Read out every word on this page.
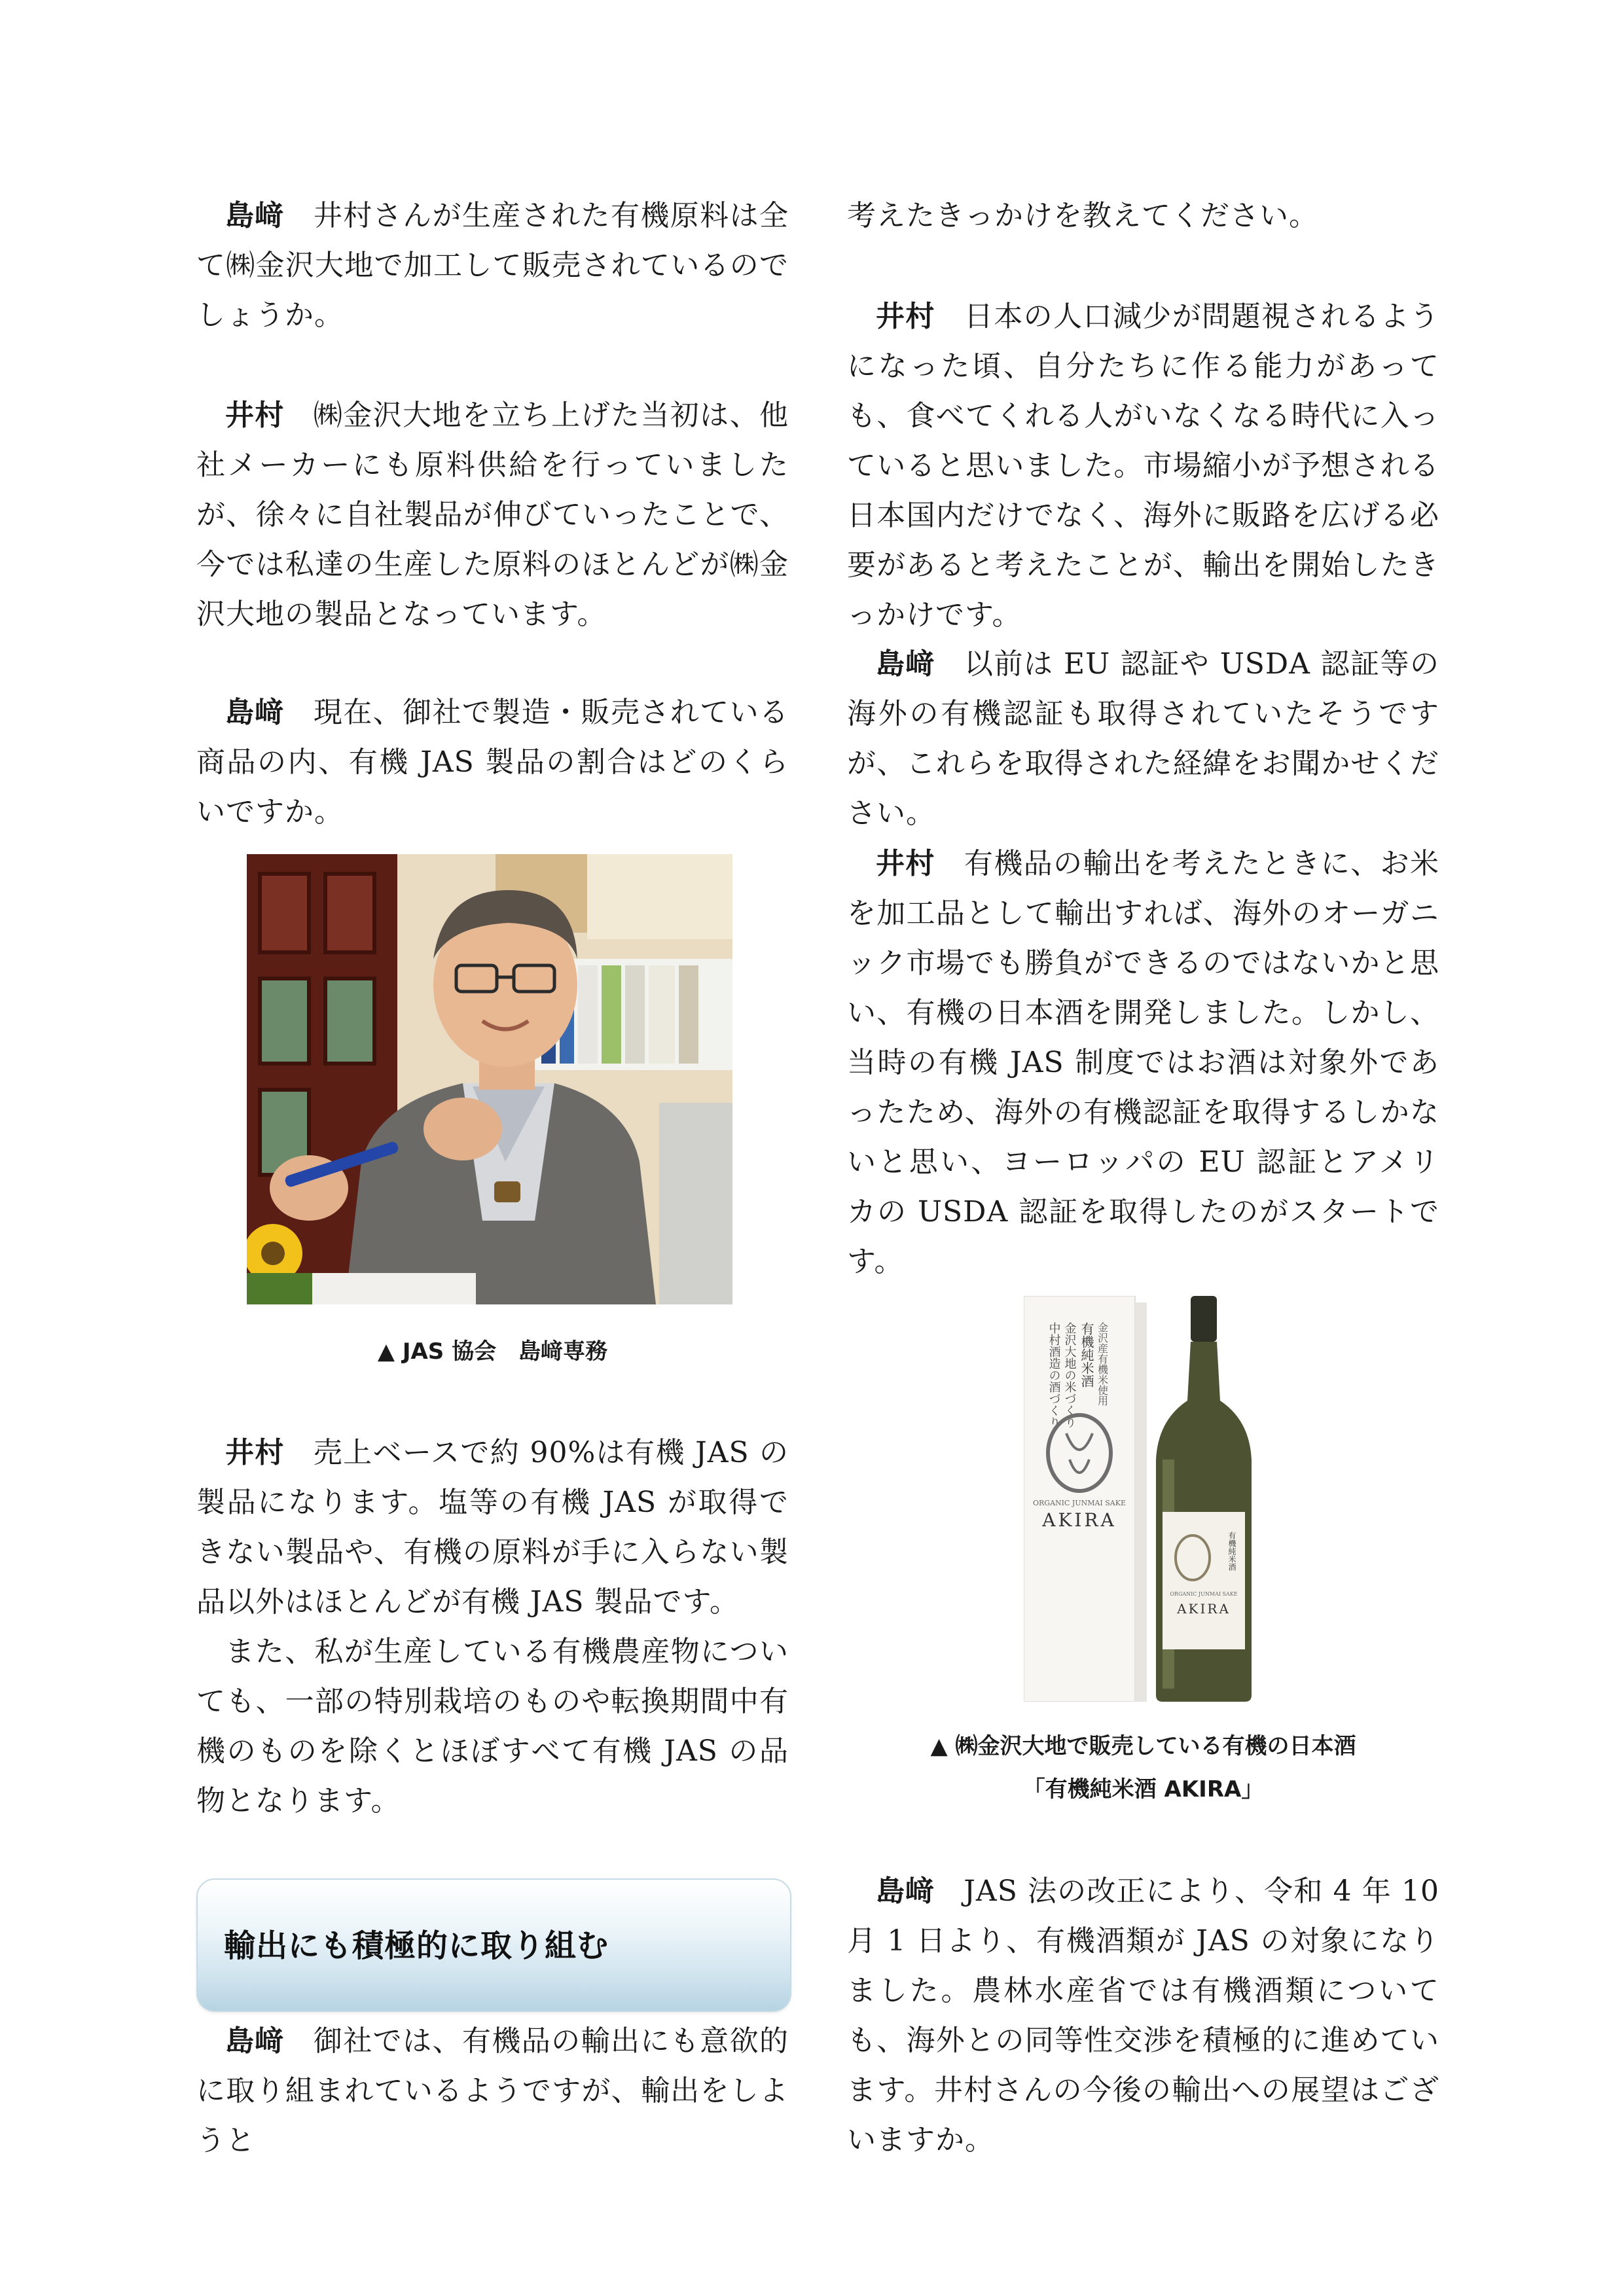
島﨑 井村さんが生産された有機原料は全て㈱金沢大地で加工して販売されているのでしょうか。

井村 ㈱金沢大地を立ち上げた当初は、他社メーカーにも原料供給を行っていましたが、徐々に自社製品が伸びていったことで、今では私達の生産した原料のほとんどが㈱金沢大地の製品となっています。

島﨑 現在、御社で製造・販売されている商品の内、有機 JAS 製品の割合はどのくらいですか。

▲ JAS 協会　島﨑専務

井村 売上ベースで約 90%は有機 JAS の製品になります。塩等の有機 JAS が取得できない製品や、有機の原料が手に入らない製品以外はほとんどが有機 JAS 製品です。

また、私が生産している有機農産物についても、一部の特別栽培のものや転換期間中有機のものを除くとほぼすべて有機 JAS の品物となります。

輸出にも積極的に取り組む

島﨑 御社では、有機品の輸出にも意欲的に取り組まれているようですが、輸出をしようと

考えたきっかけを教えてください。

井村 日本の人口減少が問題視されるようになった頃、自分たちに作る能力があっても、食べてくれる人がいなくなる時代に入っていると思いました。市場縮小が予想される日本国内だけでなく、海外に販路を広げる必要があると考えたことが、輸出を開始したきっかけです。

島﨑 以前は EU 認証や USDA 認証等の海外の有機認証も取得されていたそうですが、これらを取得された経緯をお聞かせください。

井村 有機品の輸出を考えたときに、お米を加工品として輸出すれば、海外のオーガニック市場でも勝負ができるのではないかと思い、有機の日本酒を開発しました。しかし、当時の有機 JAS 制度ではお酒は対象外であったため、海外の有機認証を取得するしかないと思い、ヨーロッパの EU 認証とアメリカの USDA 認証を取得したのがスタートです。

金沢産有機米使用
有機純米酒
金沢大地の米づくり
中村酒造の酒づくり
ORGANIC JUNMAI SAKE
AKIRA
有機純米酒
ORGANIC JUNMAI SAKE
AKIRA
▲ ㈱金沢大地で販売している有機の日本酒
「有機純米酒 AKIRA」

島﨑 JAS 法の改正により、令和 4 年 10 月 1 日より、有機酒類が JAS の対象になりました。農林水産省では有機酒類についても、海外との同等性交渉を積極的に進めています。井村さんの今後の輸出への展望はございますか。
